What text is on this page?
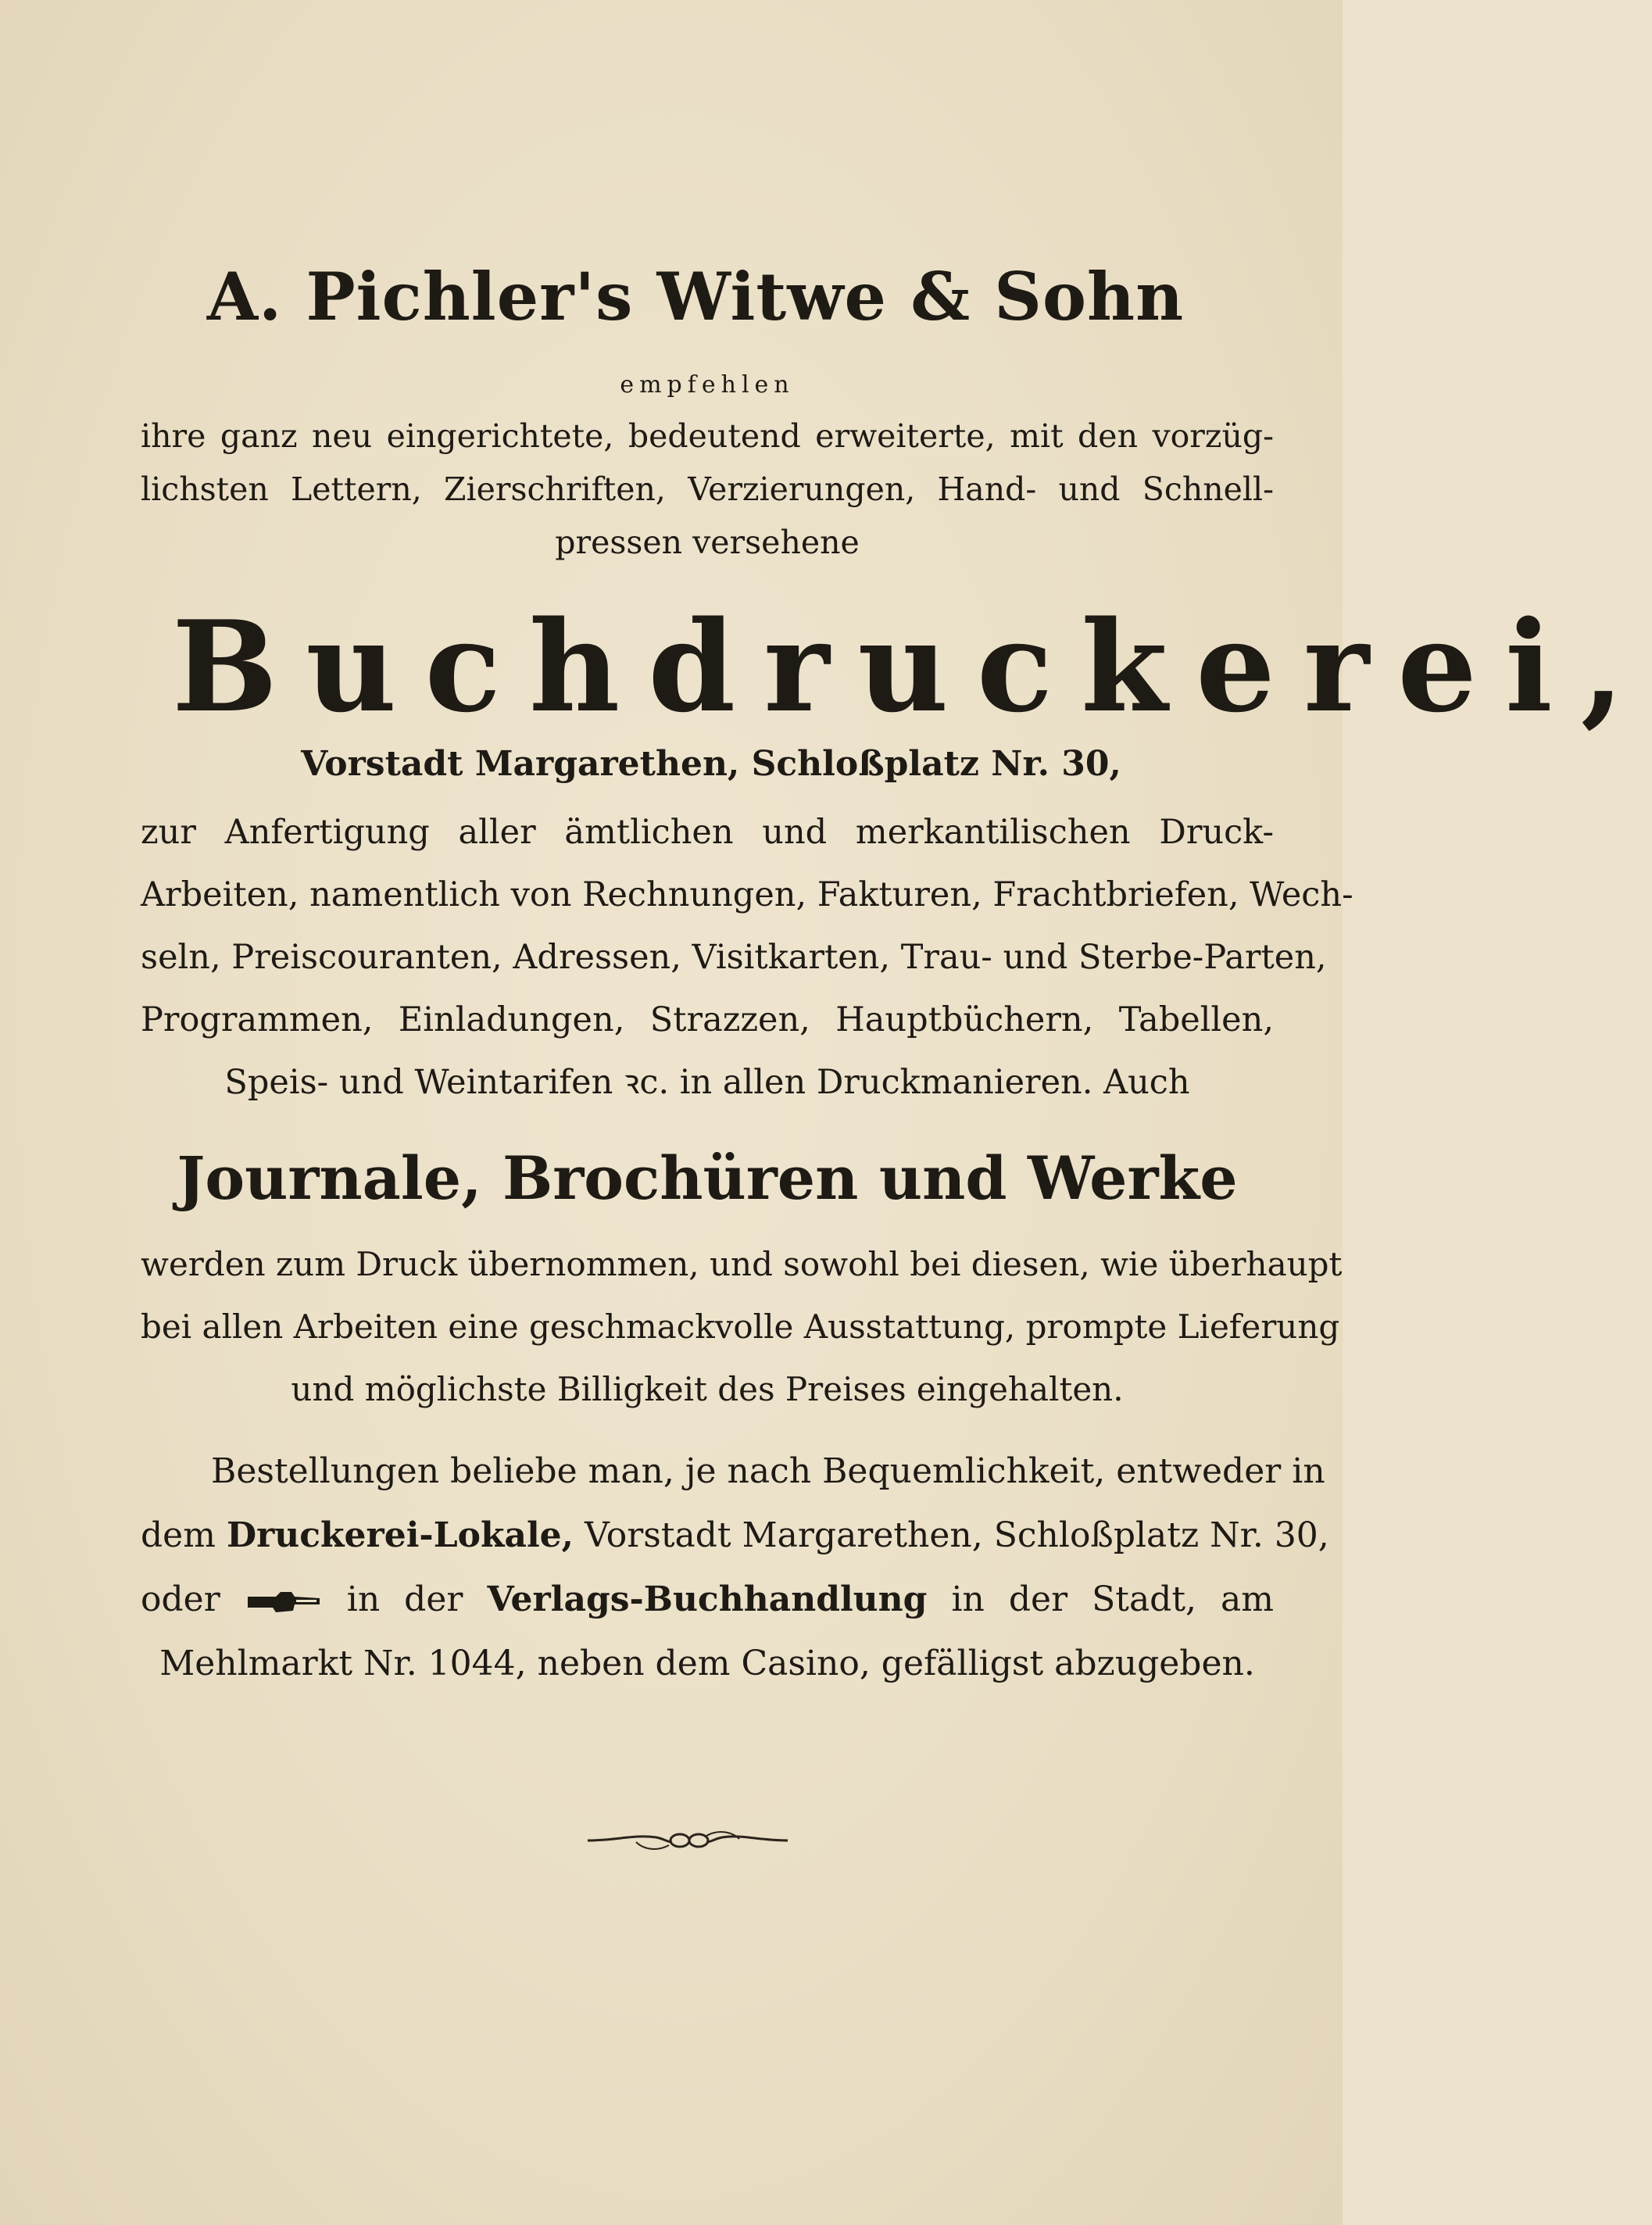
A. Pichler's Witwe & Sohn
empfehlen
ihre ganz neu eingerichtete, bedeutend erweiterte, mit den vorzüg-
lichsten Lettern, Zierschriften, Verzierungen, Hand- und Schnell-
pressen versehene
Buchdruckerei,
Vorstadt Margarethen, Schloßplatz Nr. 30,
zur Anfertigung aller ämtlichen und merkantilischen Druck-
Arbeiten, namentlich von Rechnungen, Fakturen, Frachtbriefen, Wech-
seln, Preiscouranten, Adressen, Visitkarten, Trau- und Sterbe-Parten,
Programmen, Einladungen, Strazzen, Hauptbüchern, Tabellen,
Speis- und Weintarifen ꝛc. in allen Druckmanieren. Auch
Journale, Brochüren und Werke
werden zum Druck übernommen, und sowohl bei diesen, wie überhaupt
bei allen Arbeiten eine geschmackvolle Ausstattung, prompte Lieferung
und möglichste Billigkeit des Preises eingehalten.
Bestellungen beliebe man, je nach Bequemlichkeit, entweder in
dem Druckerei-Lokale, Vorstadt Margarethen, Schloßplatz Nr. 30,
oder	in der Verlags-Buchhandlung in der Stadt, am
Mehlmarkt Nr. 1044, neben dem Casino, gefälligst abzugeben.
